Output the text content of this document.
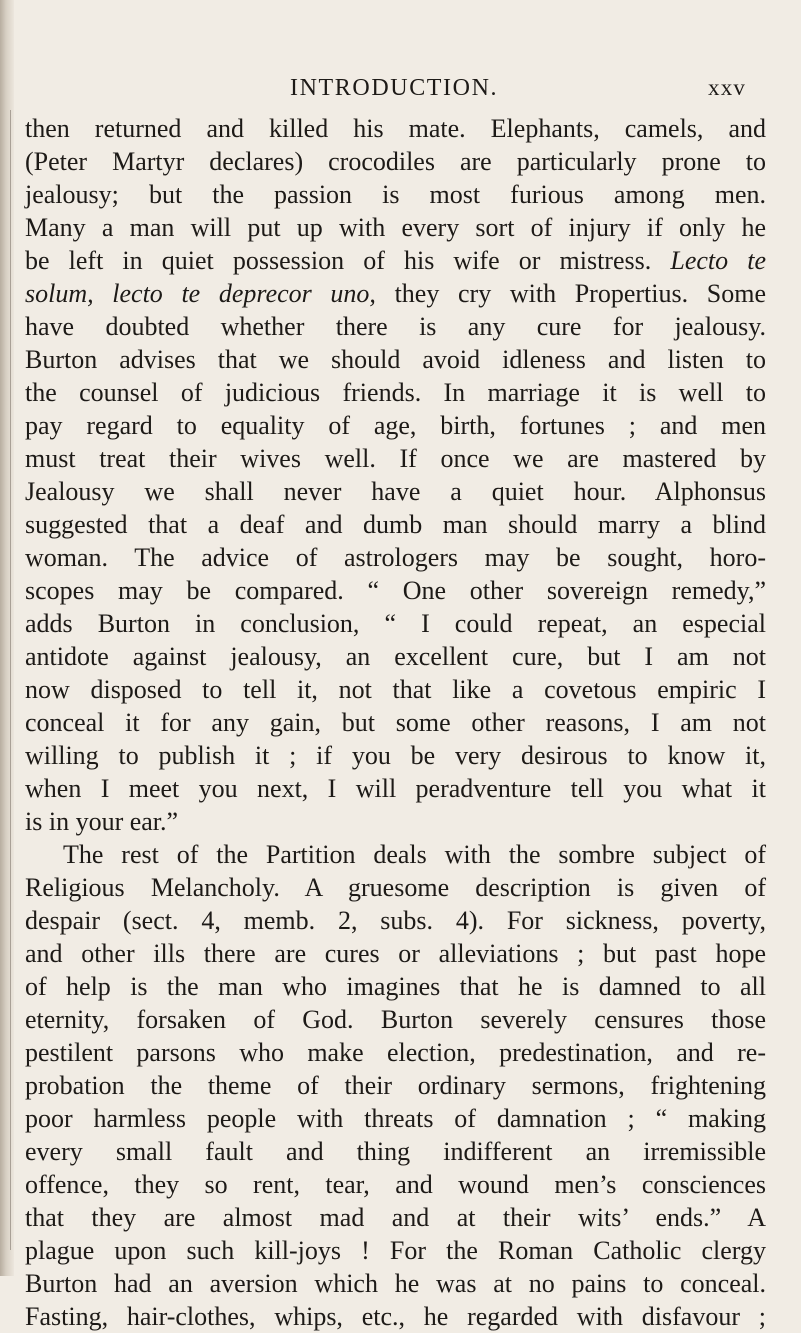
INTRODUCTION.	xxv
then returned and killed his mate. Elephants, camels, and
(Peter Martyr declares) crocodiles are particularly prone to
jealousy; but the passion is most furious among men.
Many a man will put up with every sort of injury if only he
be left in quiet possession of his wife or mistress. Lecto te
solum, lecto te deprecor uno, they cry with Propertius. Some
have doubted whether there is any cure for jealousy.
Burton advises that we should avoid idleness and listen to
the counsel of judicious friends. In marriage it is well to
pay regard to equality of age, birth, fortunes ; and men
must treat their wives well. If once we are mastered by
Jealousy we shall never have a quiet hour. Alphonsus
suggested that a deaf and dumb man should marry a blind
woman. The advice of astrologers may be sought, horo-
scopes may be compared. “ One other sovereign remedy,”
adds Burton in conclusion, “ I could repeat, an especial
antidote against jealousy, an excellent cure, but I am not
now disposed to tell it, not that like a covetous empiric I
conceal it for any gain, but some other reasons, I am not
willing to publish it ; if you be very desirous to know it,
when I meet you next, I will peradventure tell you what it
is in your ear.”
The rest of the Partition deals with the sombre subject of
Religious Melancholy. A gruesome description is given of
despair (sect. 4, memb. 2, subs. 4). For sickness, poverty,
and other ills there are cures or alleviations ; but past hope
of help is the man who imagines that he is damned to all
eternity, forsaken of God. Burton severely censures those
pestilent parsons who make election, predestination, and re-
probation the theme of their ordinary sermons, frightening
poor harmless people with threats of damnation ; “ making
every small fault and thing indifferent an irremissible
offence, they so rent, tear, and wound men’s consciences
that they are almost mad and at their wits’ ends.” A
plague upon such kill-joys ! For the Roman Catholic clergy
Burton had an aversion which he was at no pains to conceal.
Fasting, hair-clothes, whips, etc., he regarded with disfavour ;
